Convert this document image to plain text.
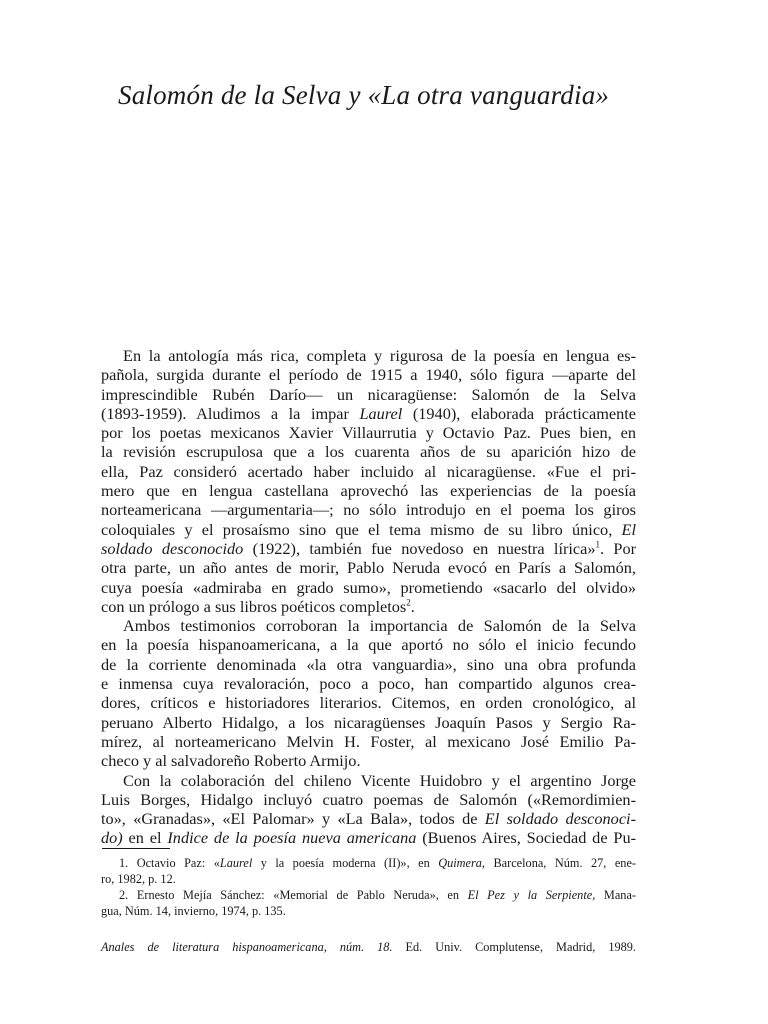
Salomón de la Selva y «La otra vanguardia»
En la antología más rica, completa y rigurosa de la poesía en lengua es-
pañola, surgida durante el período de 1915 a 1940, sólo figura —aparte del
imprescindible Rubén Darío— un nicaragüense: Salomón de la Selva
(1893-1959). Aludimos a la impar Laurel (1940), elaborada prácticamente
por los poetas mexicanos Xavier Villaurrutia y Octavio Paz. Pues bien, en
la revisión escrupulosa que a los cuarenta años de su aparición hizo de
ella, Paz consideró acertado haber incluido al nicaragüense. «Fue el pri-
mero que en lengua castellana aprovechó las experiencias de la poesía
norteamericana —argumentaria—; no sólo introdujo en el poema los giros
coloquiales y el prosaísmo sino que el tema mismo de su libro único, El
soldado desconocido (1922), también fue novedoso en nuestra lírica»$^1$. Por
otra parte, un año antes de morir, Pablo Neruda evocó en París a Salomón,
cuya poesía «admiraba en grado sumo», prometiendo «sacarlo del olvido»
con un prólogo a sus libros poéticos completos$^2$.
Ambos testimonios corroboran la importancia de Salomón de la Selva
en la poesía hispanoamericana, a la que aportó no sólo el inicio fecundo
de la corriente denominada «la otra vanguardia», sino una obra profunda
e inmensa cuya revaloración, poco a poco, han compartido algunos crea-
dores, críticos e historiadores literarios. Citemos, en orden cronológico, al
peruano Alberto Hidalgo, a los nicaragüenses Joaquín Pasos y Sergio Ra-
mírez, al norteamericano Melvin H. Foster, al mexicano José Emilio Pa-
checo y al salvadoreño Roberto Armijo.
Con la colaboración del chileno Vicente Huidobro y el argentino Jorge
Luis Borges, Hidalgo incluyó cuatro poemas de Salomón («Remordimien-
to», «Granadas», «El Palomar» y «La Bala», todos de El soldado desconoci-
do) en el Indice de la poesía nueva americana (Buenos Aires, Sociedad de Pu-
1. Octavio Paz: «Laurel y la poesía moderna (II)», en Quimera, Barcelona, Núm. 27, ene-
ro, 1982, p. 12.
2. Ernesto Mejía Sánchez: «Memorial de Pablo Neruda», en El Pez y la Serpiente, Mana-
gua, Núm. 14, invierno, 1974, p. 135.
Anales de literatura hispanoamericana, núm. 18. Ed. Univ. Complutense, Madrid, 1989.
